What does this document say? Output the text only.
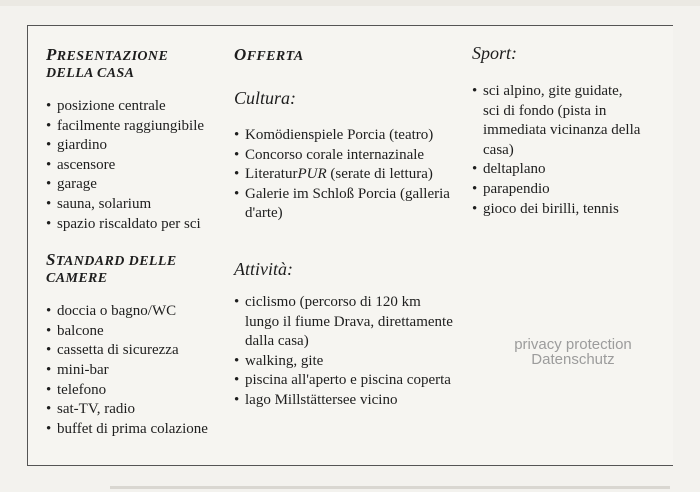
PRESENTAZIONE
DELLA CASA
• posizione centrale
• facilmente raggiungibile
• giardino
• ascensore
• garage
• sauna, solarium
• spazio riscaldato per sci
STANDARD DELLE
CAMERE
• doccia o bagno/WC
• balcone
• cassetta di sicurezza
• mini-bar
• telefono
• sat-TV, radio
• buffet di prima colazione
OFFERTA
Cultura:
• Komödienspiele Porcia (teatro)
• Concorso corale internazinale
• LiteraturPUR (serate di lettura)
• Galerie im Schloß Porcia (galleria d'arte)
Attività:
• ciclismo (percorso di 120 km lungo il fiume Drava, direttamente dalla casa)
• walking, gite
• piscina all'aperto e piscina coperta
• lago Millstättersee vicino
Sport:
• sci alpino, gite guidate, sci di fondo (pista in immediata vicinanza della casa)
• deltaplano
• parapendio
• gioco dei birilli, tennis
privacy protection
Datenschutz
